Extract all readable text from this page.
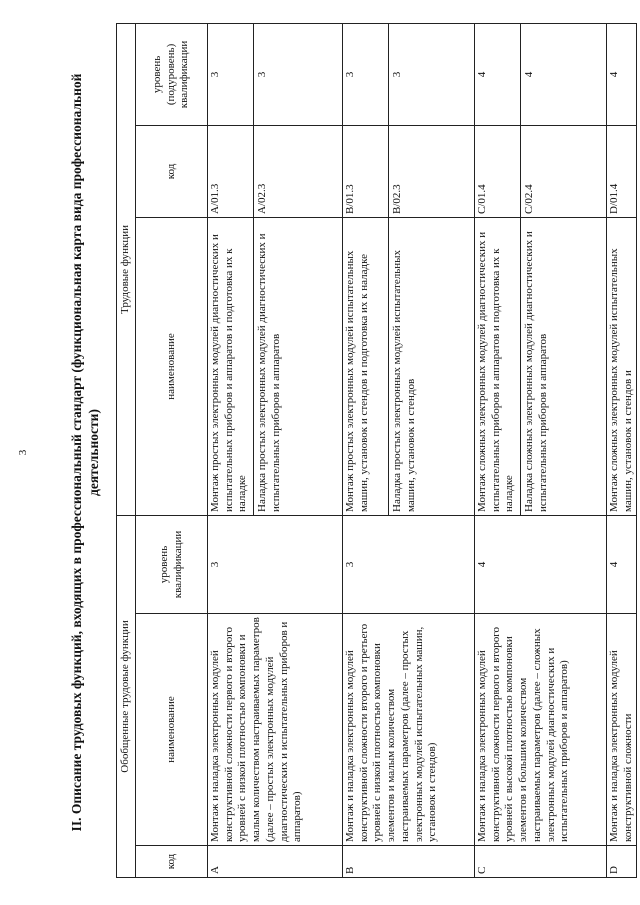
3	II. Описание трудовых функций, входящих в профессиональный стандарт (функциональная карта вида профессиональной деятельности)
Обобщенные трудовые функции			Трудовые функции		
код	наименование	уровень квалификации	наименование	код	уровень (подуровень) квалификации
A	Монтаж и наладка электронных модулей конструктивной сложности первого и второго уровней с низкой плотностью компоновки и малым количеством настраиваемых параметров (далее – простых электронных модулей диагностических и испытательных приборов и аппаратов)	3	Монтаж простых электронных модулей диагностических и испытательных приборов и аппаратов и подготовка их к наладке	A/01.3	3
			Наладка простых электронных модулей диагностических и испытательных приборов и аппаратов	A/02.3	3
B	Монтаж и наладка электронных модулей конструктивной сложности второго и третьего уровней с низкой плотностью компоновки элементов и малым количеством настраиваемых параметров (далее – простых электронных модулей испытательных машин, установок и стендов)	3	Монтаж простых электронных модулей испытательных машин, установок и стендов и подготовка их к наладке	B/01.3	3
			Наладка простых электронных модулей испытательных машин, установок и стендов	B/02.3	3
C	Монтаж и наладка электронных модулей конструктивной сложности первого и второго уровней с высокой плотностью компоновки элементов и большим количеством настраиваемых параметров (далее – сложных электронных модулей диагностических и испытательных приборов и аппаратов)	4	Монтаж сложных электронных модулей диагностических и испытательных приборов и аппаратов и подготовка их к наладке	C/01.4	4
			Наладка сложных электронных модулей диагностических и испытательных приборов и аппаратов	C/02.4	4
D	Монтаж и наладка электронных модулей конструктивной сложности	4	Монтаж сложных электронных модулей испытательных машин, установок и стендов и	D/01.4	4
